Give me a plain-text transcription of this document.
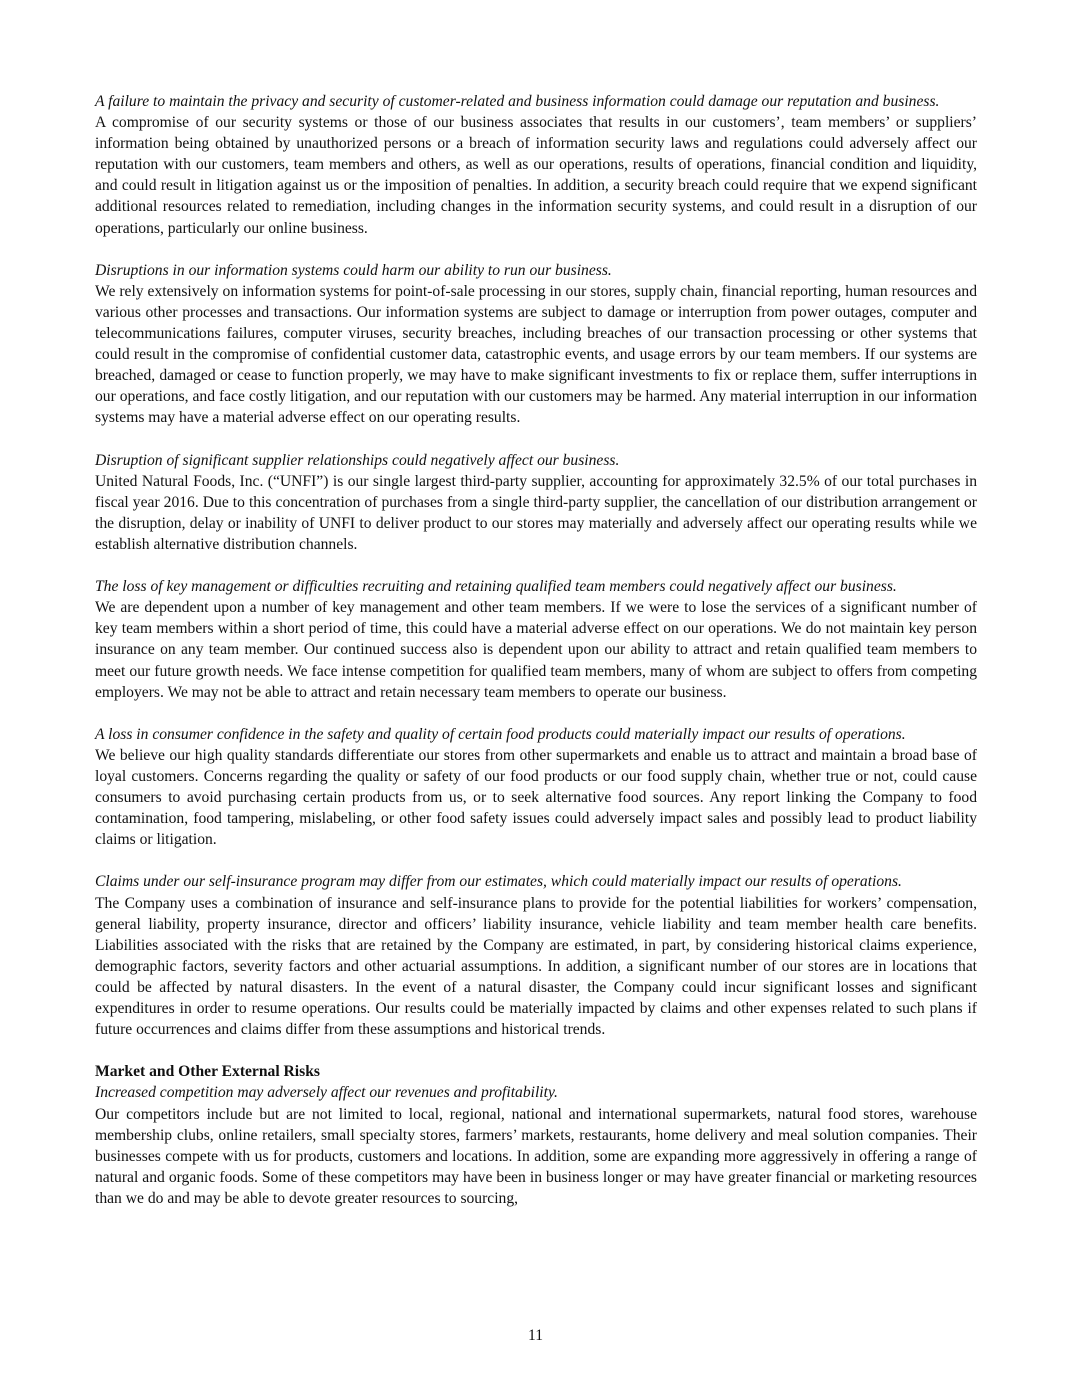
A failure to maintain the privacy and security of customer-related and business information could damage our reputation and business.

A compromise of our security systems or those of our business associates that results in our customers’, team members’ or suppliers’ information being obtained by unauthorized persons or a breach of information security laws and regulations could adversely affect our reputation with our customers, team members and others, as well as our operations, results of operations, financial condition and liquidity, and could result in litigation against us or the imposition of penalties. In addition, a security breach could require that we expend significant additional resources related to remediation, including changes in the information security systems, and could result in a disruption of our operations, particularly our online business.

Disruptions in our information systems could harm our ability to run our business.

We rely extensively on information systems for point-of-sale processing in our stores, supply chain, financial reporting, human resources and various other processes and transactions. Our information systems are subject to damage or interruption from power outages, computer and telecommunications failures, computer viruses, security breaches, including breaches of our transaction processing or other systems that could result in the compromise of confidential customer data, catastrophic events, and usage errors by our team members. If our systems are breached, damaged or cease to function properly, we may have to make significant investments to fix or replace them, suffer interruptions in our operations, and face costly litigation, and our reputation with our customers may be harmed. Any material interruption in our information systems may have a material adverse effect on our operating results.

Disruption of significant supplier relationships could negatively affect our business.

United Natural Foods, Inc. (“UNFI”) is our single largest third-party supplier, accounting for approximately 32.5% of our total purchases in fiscal year 2016. Due to this concentration of purchases from a single third-party supplier, the cancellation of our distribution arrangement or the disruption, delay or inability of UNFI to deliver product to our stores may materially and adversely affect our operating results while we establish alternative distribution channels.

The loss of key management or difficulties recruiting and retaining qualified team members could negatively affect our business.

We are dependent upon a number of key management and other team members. If we were to lose the services of a significant number of key team members within a short period of time, this could have a material adverse effect on our operations. We do not maintain key person insurance on any team member. Our continued success also is dependent upon our ability to attract and retain qualified team members to meet our future growth needs. We face intense competition for qualified team members, many of whom are subject to offers from competing employers. We may not be able to attract and retain necessary team members to operate our business.

A loss in consumer confidence in the safety and quality of certain food products could materially impact our results of operations.

We believe our high quality standards differentiate our stores from other supermarkets and enable us to attract and maintain a broad base of loyal customers. Concerns regarding the quality or safety of our food products or our food supply chain, whether true or not, could cause consumers to avoid purchasing certain products from us, or to seek alternative food sources. Any report linking the Company to food contamination, food tampering, mislabeling, or other food safety issues could adversely impact sales and possibly lead to product liability claims or litigation.

Claims under our self-insurance program may differ from our estimates, which could materially impact our results of operations.

The Company uses a combination of insurance and self-insurance plans to provide for the potential liabilities for workers’ compensation, general liability, property insurance, director and officers’ liability insurance, vehicle liability and team member health care benefits. Liabilities associated with the risks that are retained by the Company are estimated, in part, by considering historical claims experience, demographic factors, severity factors and other actuarial assumptions. In addition, a significant number of our stores are in locations that could be affected by natural disasters. In the event of a natural disaster, the Company could incur significant losses and significant expenditures in order to resume operations. Our results could be materially impacted by claims and other expenses related to such plans if future occurrences and claims differ from these assumptions and historical trends.

Market and Other External Risks

Increased competition may adversely affect our revenues and profitability.

Our competitors include but are not limited to local, regional, national and international supermarkets, natural food stores, warehouse membership clubs, online retailers, small specialty stores, farmers’ markets, restaurants, home delivery and meal solution companies. Their businesses compete with us for products, customers and locations. In addition, some are expanding more aggressively in offering a range of natural and organic foods. Some of these competitors may have been in business longer or may have greater financial or marketing resources than we do and may be able to devote greater resources to sourcing,

11
